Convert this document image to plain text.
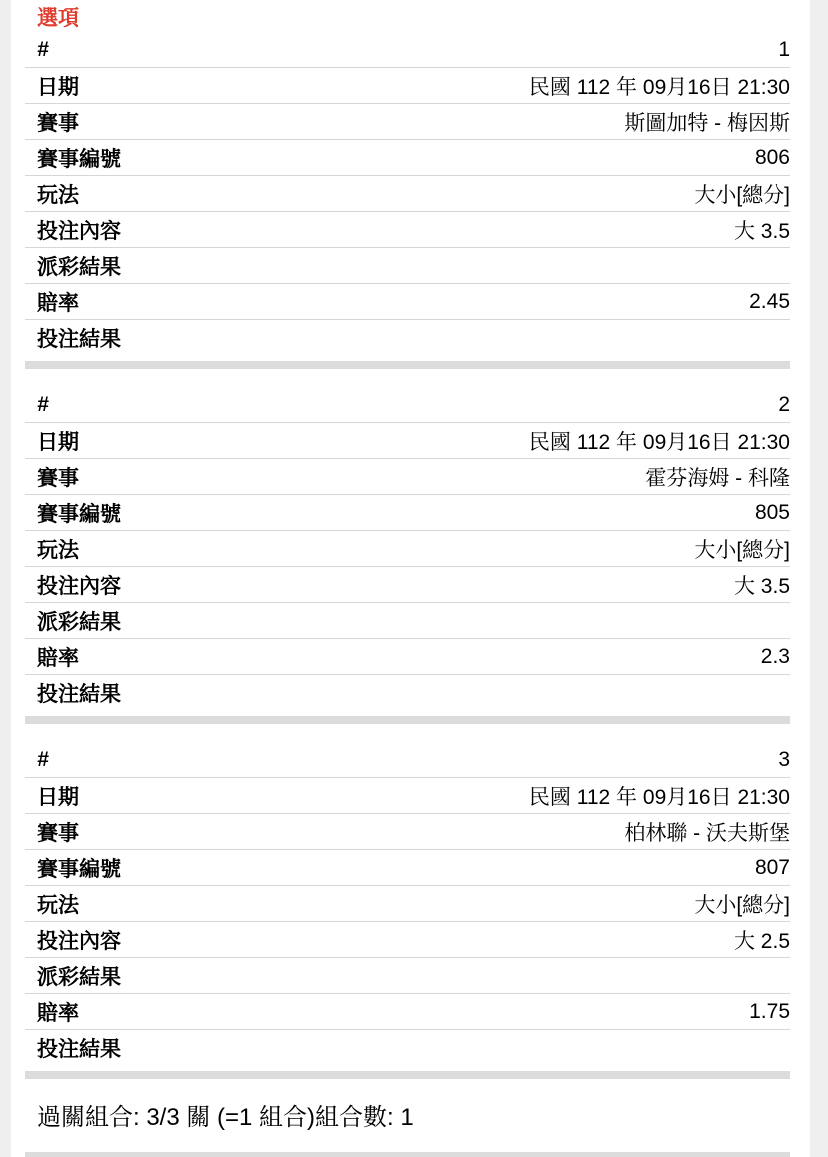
選項
#	1
日期	民國 112 年 09月16日 21:30
賽事	斯圖加特 - 梅因斯
賽事編號	806
玩法	大小[總分]
投注內容	大 3.5
派彩結果
賠率	2.45
投注結果
#	2
日期	民國 112 年 09月16日 21:30
賽事	霍芬海姆 - 科隆
賽事編號	805
玩法	大小[總分]
投注內容	大 3.5
派彩結果
賠率	2.3
投注結果
#	3
日期	民國 112 年 09月16日 21:30
賽事	柏林聯 - 沃夫斯堡
賽事編號	807
玩法	大小[總分]
投注內容	大 2.5
派彩結果
賠率	1.75
投注結果
過關組合: 3/3 關 (=1 組合)組合數: 1
